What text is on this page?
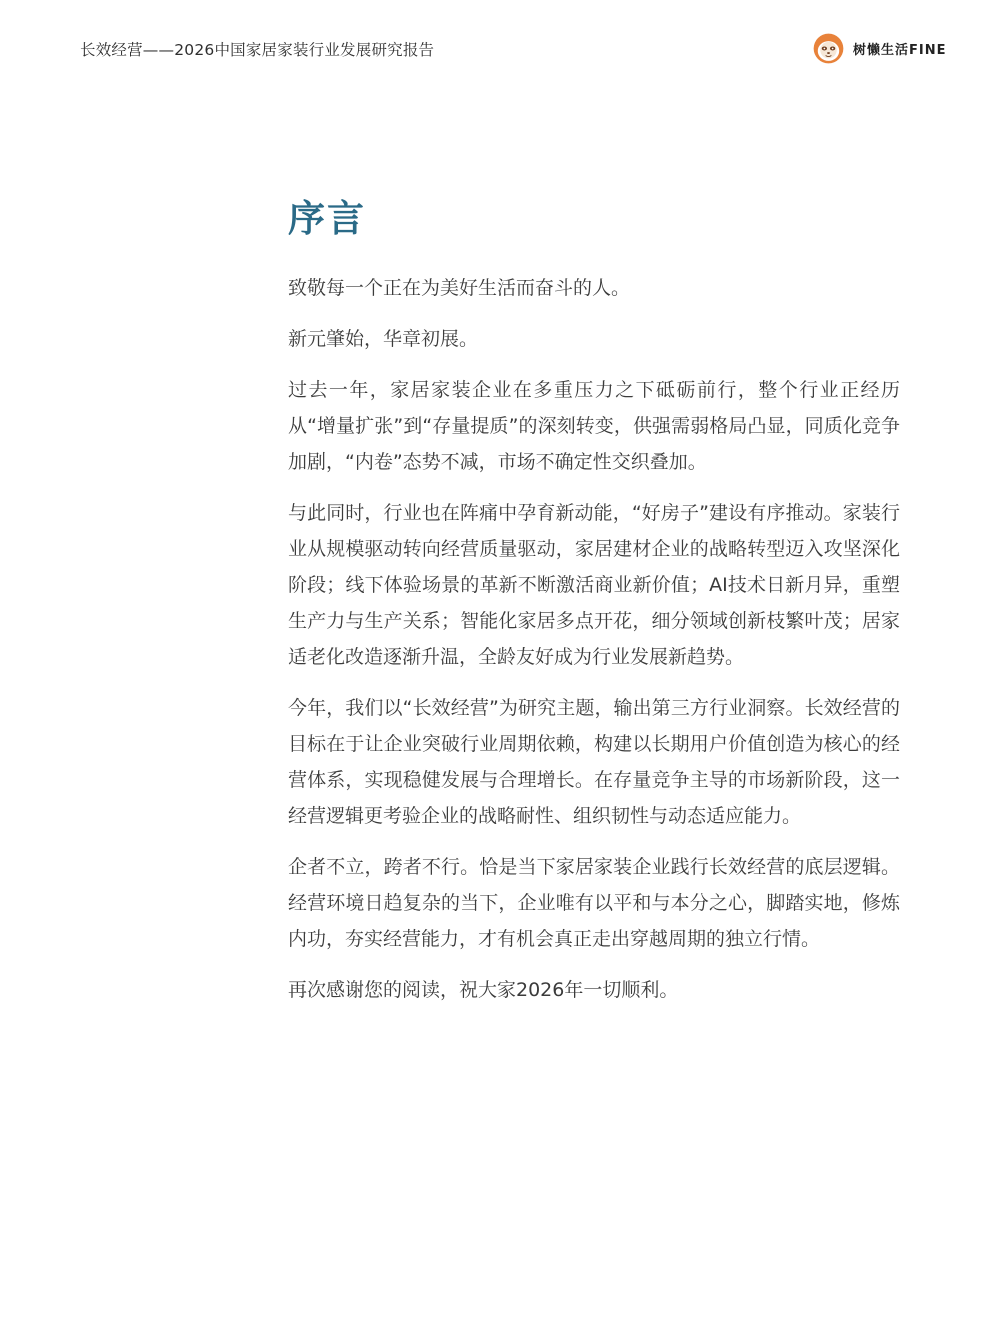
长效经营——2026中国家居家装行业发展研究报告	树懒生活FINE
序言

致敬每一个正在为美好生活而奋斗的人。

新元肇始，华章初展。

过去一年，家居家装企业在多重压力之下砥砺前行，整个行业正经历从“增量扩张”到“存量提质”的深刻转变，供强需弱格局凸显，同质化竞争加剧，“内卷”态势不减，市场不确定性交织叠加。

与此同时，行业也在阵痛中孕育新动能，“好房子”建设有序推动。家装行业从规模驱动转向经营质量驱动，家居建材企业的战略转型迈入攻坚深化阶段；线下体验场景的革新不断激活商业新价值；AI技术日新月异，重塑生产力与生产关系；智能化家居多点开花，细分领域创新枝繁叶茂；居家适老化改造逐渐升温，全龄友好成为行业发展新趋势。

今年，我们以“长效经营”为研究主题，输出第三方行业洞察。长效经营的目标在于让企业突破行业周期依赖，构建以长期用户价值创造为核心的经营体系，实现稳健发展与合理增长。在存量竞争主导的市场新阶段，这一经营逻辑更考验企业的战略耐性、组织韧性与动态适应能力。

企者不立，跨者不行。恰是当下家居家装企业践行长效经营的底层逻辑。经营环境日趋复杂的当下，企业唯有以平和与本分之心，脚踏实地，修炼内功，夯实经营能力，才有机会真正走出穿越周期的独立行情。

再次感谢您的阅读，祝大家2026年一切顺利。
